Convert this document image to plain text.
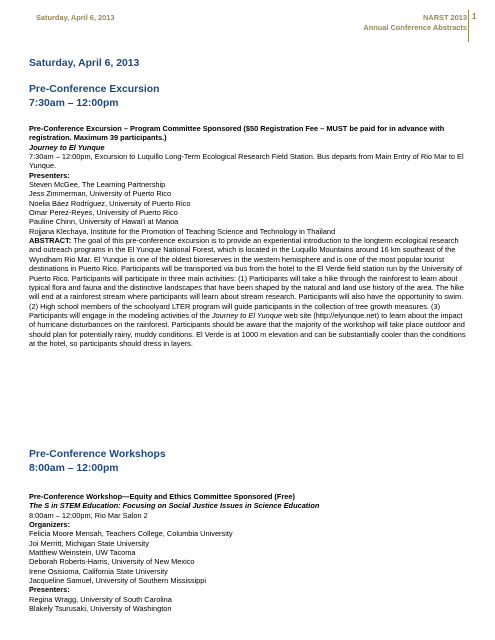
Saturday, April 6, 2013	NARST 2013
Annual Conference Abstracts
1
Saturday, April 6, 2013
Pre-Conference Excursion
7:30am – 12:00pm

Pre-Conference Excursion – Program Committee Sponsored ($50 Registration Fee – MUST be paid for in advance with registration. Maximum 39 participants.)

Journey to El Yunque

7:30am – 12:00pm, Excursion to Luquillo Long-Term Ecological Research Field Station. Bus departs from Main Entry of Rio Mar to El Yunque.

Presenters:

Steven McGee, The Learning Partnership

Jess Zimmerman, University of Puerto Rico

Noelia Báez Rodríguez, University of Puerto Rico

Omar Perez-Reyes, University of Puerto Rico

Pauline Chinn, University of Hawai'i at Manoa

Rojjana Klechaya, Institute for the Promotion of Teaching Science and Technology in Thailand

ABSTRACT: The goal of this pre-conference excursion is to provide an experiential introduction to the longterm ecological research and outreach programs in the El Yunque National Forest, which is located in the Luquillo Mountains around 16 km southeast of the Wyndham Rio Mar. El Yunque is one of the oldest bioreserves in the western hemisphere and is one of the most popular tourist destinations in Puerto Rico. Participants will be transported via bus from the hotel to the El Verde field station run by the University of Puerto Rico. Participants will participate in three main activities: (1) Participants will take a hike through the rainforest to learn about typical flora and fauna and the distinctive landscapes that have been shaped by the natural and land use history of the area. The hike will end at a rainforest stream where participants will learn about stream research. Participants will also have the opportunity to swim. (2) High school members of the schoolyard LTER program will guide participants in the collection of tree growth measures. (3) Participants will engage in the modeling activities of the Journey to El Yunque web site (http://elyunque.net) to learn about the impact of hurricane disturbances on the rainforest. Participants should be aware that the majority of the workshop will take place outdoor and should plan for potentially rainy, muddy conditions. El Verde is at 1000 m elevation and can be substantially cooler than the conditions at the hotel, so participants should dress in layers.

Pre-Conference Workshops
8:00am – 12:00pm

Pre-Conference Workshop—Equity and Ethics Committee Sponsored (Free)

The S in STEM Education: Focusing on Social Justice Issues in Science Education

8:00am – 12:00pm, Rio Mar Salon 2

Organizers:

Felicia Moore Mensah, Teachers College, Columbia University

Joi Merritt, Michigan State University

Matthew Weinstein, UW Tacoma

Deborah Roberts-Harris, University of New Mexico

Irene Osisioma, California State University

Jacqueline Samuel, University of Southern Mississippi

Presenters:

Regina Wragg, University of South Carolina

Blakely Tsurusaki, University of Washington
